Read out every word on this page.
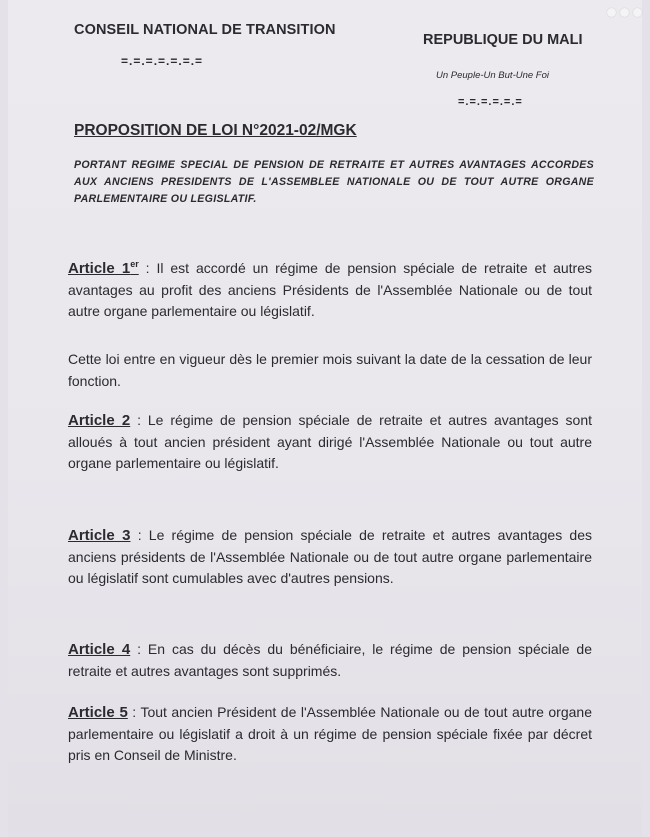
CONSEIL NATIONAL DE TRANSITION
=.=.=.=.=.=.=
REPUBLIQUE DU MALI
Un Peuple-Un But-Une Foi
=.=.=.=.=.=
PROPOSITION DE LOI N°2021-02/MGK
PORTANT REGIME SPECIAL DE PENSION DE RETRAITE ET AUTRES AVANTAGES ACCORDES AUX ANCIENS PRESIDENTS DE L'ASSEMBLEE NATIONALE OU DE TOUT AUTRE ORGANE PARLEMENTAIRE OU LEGISLATIF.
Article 1er : Il est accordé un régime de pension spéciale de retraite et autres avantages au profit des anciens Présidents de l'Assemblée Nationale ou de tout autre organe parlementaire ou législatif.
Cette loi entre en vigueur dès le premier mois suivant la date de la cessation de leur fonction.
Article 2 : Le régime de pension spéciale de retraite et autres avantages sont alloués à tout ancien président ayant dirigé l'Assemblée Nationale ou tout autre organe parlementaire ou législatif.
Article 3 : Le régime de pension spéciale de retraite et autres avantages des anciens présidents de l'Assemblée Nationale ou de tout autre organe parlementaire ou législatif sont cumulables avec d'autres pensions.
Article 4 : En cas du décès du bénéficiaire, le régime de pension spéciale de retraite et autres avantages sont supprimés.
Article 5 : Tout ancien Président de l'Assemblée Nationale ou de tout autre organe parlementaire ou législatif a droit à un régime de pension spéciale fixée par décret pris en Conseil de Ministre.
